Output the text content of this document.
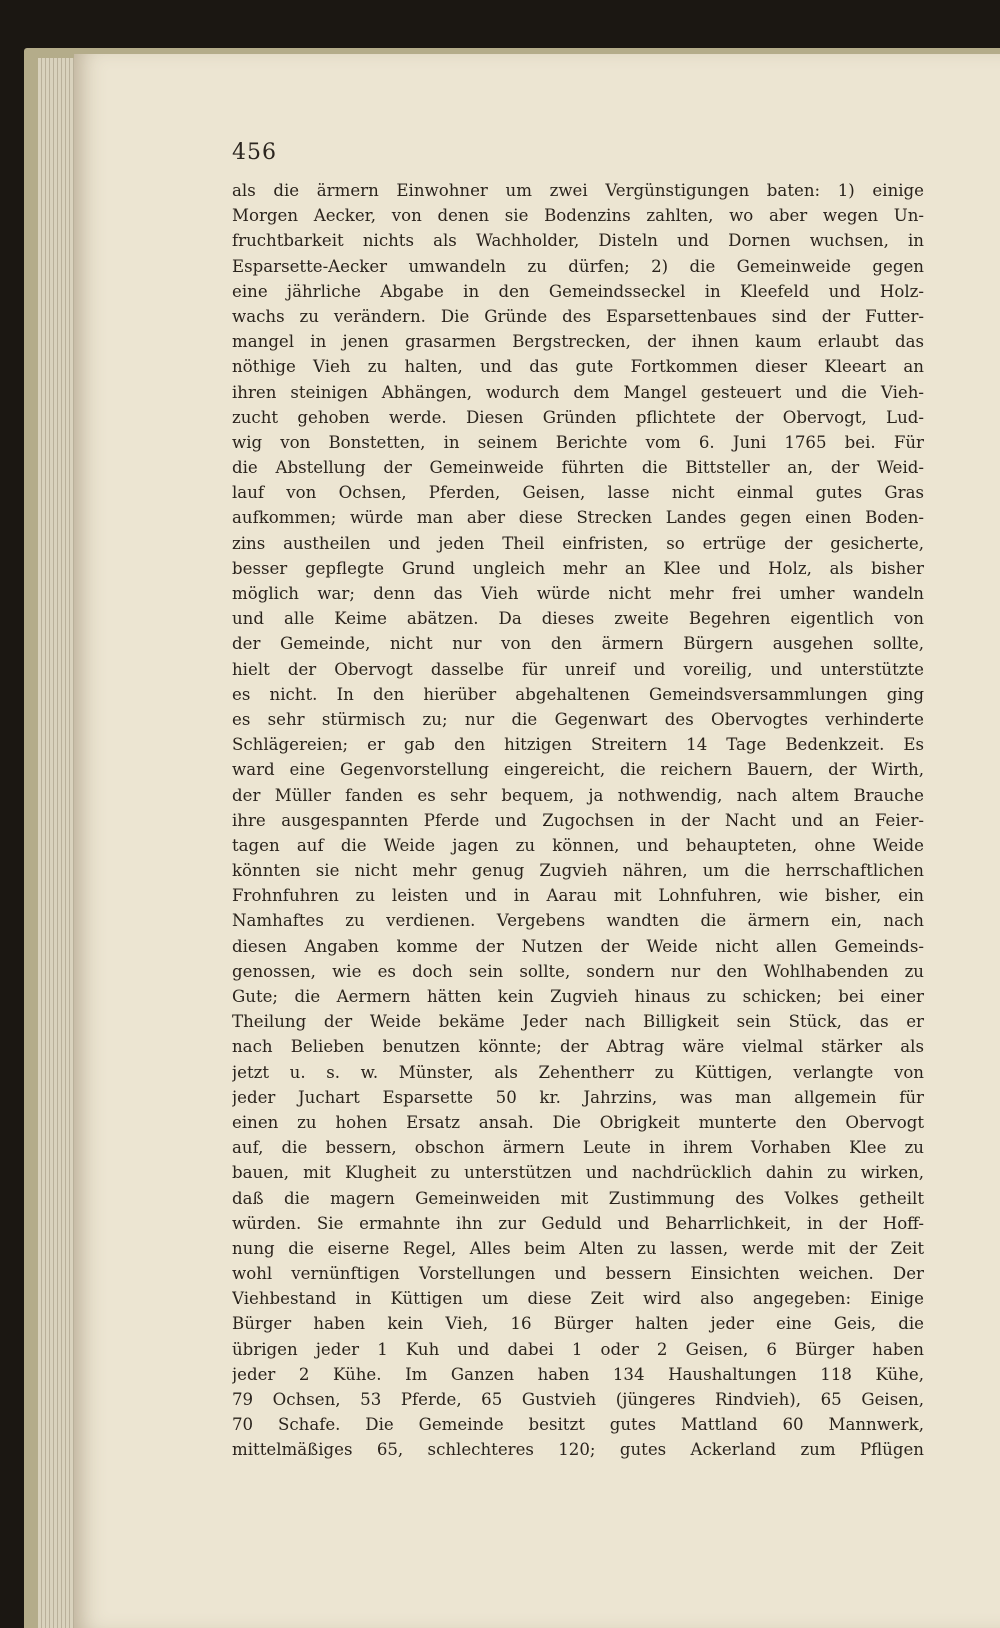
456
als die ärmern Einwohner um zwei Vergünstigungen baten: 1) einige
Morgen Aecker, von denen sie Bodenzins zahlten, wo aber wegen Un-
fruchtbarkeit nichts als Wachholder, Disteln und Dornen wuchsen, in
Esparsette-Aecker umwandeln zu dürfen; 2) die Gemeinweide gegen
eine jährliche Abgabe in den Gemeindsseckel in Kleefeld und Holz-
wachs zu verändern. Die Gründe des Esparsettenbaues sind der Futter-
mangel in jenen grasarmen Bergstrecken, der ihnen kaum erlaubt das
nöthige Vieh zu halten, und das gute Fortkommen dieser Kleeart an
ihren steinigen Abhängen, wodurch dem Mangel gesteuert und die Vieh-
zucht gehoben werde. Diesen Gründen pflichtete der Obervogt, Lud-
wig von Bonstetten, in seinem Berichte vom 6. Juni 1765 bei. Für
die Abstellung der Gemeinweide führten die Bittsteller an, der Weid-
lauf von Ochsen, Pferden, Geisen, lasse nicht einmal gutes Gras
aufkommen; würde man aber diese Strecken Landes gegen einen Boden-
zins austheilen und jeden Theil einfristen, so ertrüge der gesicherte,
besser gepflegte Grund ungleich mehr an Klee und Holz, als bisher
möglich war; denn das Vieh würde nicht mehr frei umher wandeln
und alle Keime abätzen. Da dieses zweite Begehren eigentlich von
der Gemeinde, nicht nur von den ärmern Bürgern ausgehen sollte,
hielt der Obervogt dasselbe für unreif und voreilig, und unterstützte
es nicht. In den hierüber abgehaltenen Gemeindsversammlungen ging
es sehr stürmisch zu; nur die Gegenwart des Obervogtes verhinderte
Schlägereien; er gab den hitzigen Streitern 14 Tage Bedenkzeit. Es
ward eine Gegenvorstellung eingereicht, die reichern Bauern, der Wirth,
der Müller fanden es sehr bequem, ja nothwendig, nach altem Brauche
ihre ausgespannten Pferde und Zugochsen in der Nacht und an Feier-
tagen auf die Weide jagen zu können, und behaupteten, ohne Weide
könnten sie nicht mehr genug Zugvieh nähren, um die herrschaftlichen
Frohnfuhren zu leisten und in Aarau mit Lohnfuhren, wie bisher, ein
Namhaftes zu verdienen. Vergebens wandten die ärmern ein, nach
diesen Angaben komme der Nutzen der Weide nicht allen Gemeinds-
genossen, wie es doch sein sollte, sondern nur den Wohlhabenden zu
Gute; die Aermern hätten kein Zugvieh hinaus zu schicken; bei einer
Theilung der Weide bekäme Jeder nach Billigkeit sein Stück, das er
nach Belieben benutzen könnte; der Abtrag wäre vielmal stärker als
jetzt u. s. w. Münster, als Zehentherr zu Küttigen, verlangte von
jeder Juchart Esparsette 50 kr. Jahrzins, was man allgemein für
einen zu hohen Ersatz ansah. Die Obrigkeit munterte den Obervogt
auf, die bessern, obschon ärmern Leute in ihrem Vorhaben Klee zu
bauen, mit Klugheit zu unterstützen und nachdrücklich dahin zu wirken,
daß die magern Gemeinweiden mit Zustimmung des Volkes getheilt
würden. Sie ermahnte ihn zur Geduld und Beharrlichkeit, in der Hoff-
nung die eiserne Regel, Alles beim Alten zu lassen, werde mit der Zeit
wohl vernünftigen Vorstellungen und bessern Einsichten weichen. Der
Viehbestand in Küttigen um diese Zeit wird also angegeben: Einige
Bürger haben kein Vieh, 16 Bürger halten jeder eine Geis, die
übrigen jeder 1 Kuh und dabei 1 oder 2 Geisen, 6 Bürger haben
jeder 2 Kühe. Im Ganzen haben 134 Haushaltungen 118 Kühe,
79 Ochsen, 53 Pferde, 65 Gustvieh (jüngeres Rindvieh), 65 Geisen,
70 Schafe. Die Gemeinde besitzt gutes Mattland 60 Mannwerk,
mittelmäßiges 65, schlechteres 120; gutes Ackerland zum Pflügen
